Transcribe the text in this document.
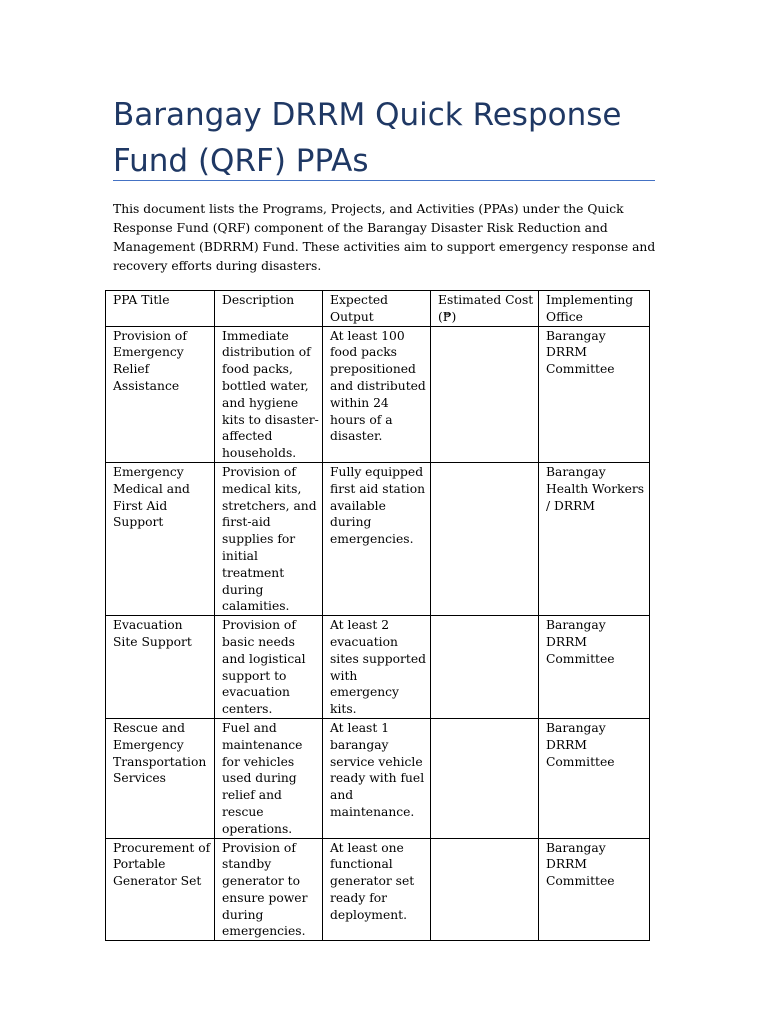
Barangay DRRM Quick Response Fund (QRF) PPAs

This document lists the Programs, Projects, and Activities (PPAs) under the Quick Response Fund (QRF) component of the Barangay Disaster Risk Reduction and Management (BDRRM) Fund. These activities aim to support emergency response and recovery efforts during disasters.

PPA Title	Description	Expected Output	Estimated Cost (₱)	Implementing Office
Provision of Emergency Relief Assistance	Immediate distribution of food packs, bottled water, and hygiene kits to disaster-affected households.	At least 100 food packs prepositioned and distributed within 24 hours of a disaster.		Barangay DRRM Committee
Emergency Medical and First Aid Support	Provision of medical kits, stretchers, and first-aid supplies for initial treatment during calamities.	Fully equipped first aid station available during emergencies.		Barangay Health Workers / DRRM
Evacuation Site Support	Provision of basic needs and logistical support to evacuation centers.	At least 2 evacuation sites supported with emergency kits.		Barangay DRRM Committee
Rescue and Emergency Transportation Services	Fuel and maintenance for vehicles used during relief and rescue operations.	At least 1 barangay service vehicle ready with fuel and maintenance.		Barangay DRRM Committee
Procurement of Portable Generator Set	Provision of standby generator to ensure power during emergencies.	At least one functional generator set ready for deployment.		Barangay DRRM Committee
